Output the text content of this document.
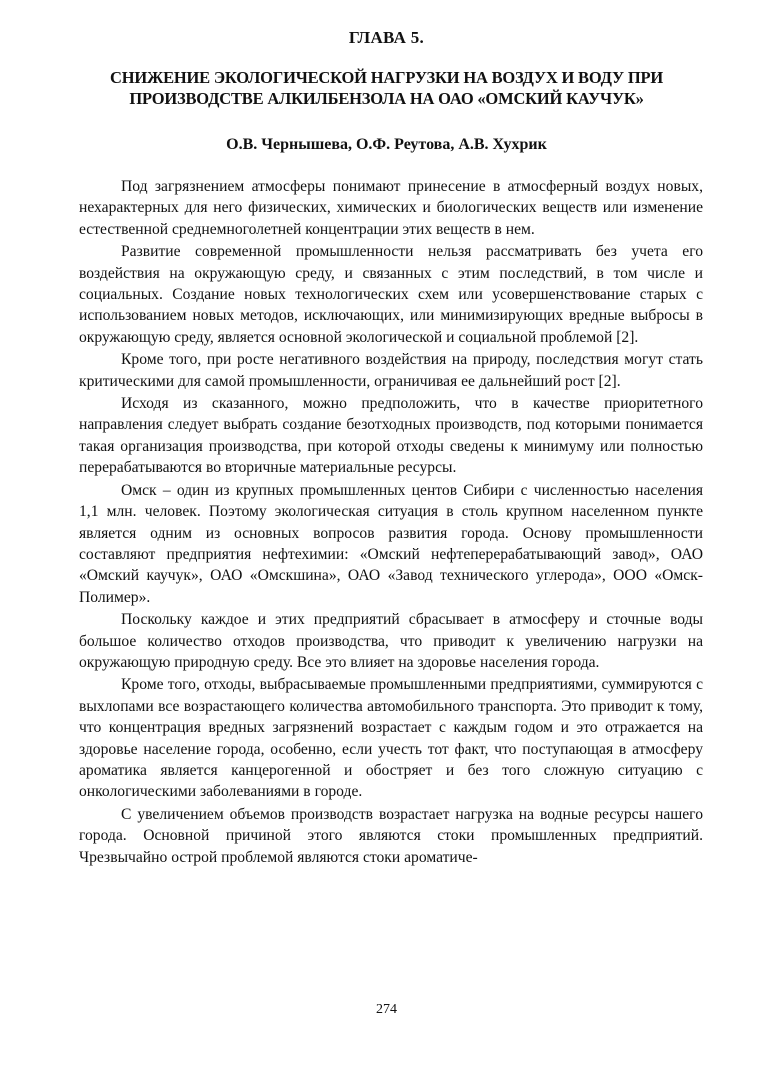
ГЛАВА 5.
СНИЖЕНИЕ ЭКОЛОГИЧЕСКОЙ НАГРУЗКИ НА ВОЗДУХ И ВОДУ ПРИ
ПРОИЗВОДСТВЕ АЛКИЛБЕНЗОЛА НА ОАО «ОМСКИЙ КАУЧУК»
О.В. Чернышева, О.Ф. Реутова, А.В. Хухрик

Под загрязнением атмосферы понимают принесение в атмосферный воздух новых, нехарактерных для него физических, химических и биологических веществ или изменение естественной среднемноголетней концентрации этих веществ в нем.

Развитие современной промышленности нельзя рассматривать без учета его воздействия на окружающую среду, и связанных с этим последствий, в том числе и социальных. Создание новых технологических схем или усовершенствование старых с использованием новых методов, исключающих, или минимизирующих вредные выбросы в окружающую среду, является основной экологической и социальной проблемой [2].

Кроме того, при росте негативного воздействия на природу, последствия могут стать критическими для самой промышленности, ограничивая ее дальнейший рост [2].

Исходя из сказанного, можно предположить, что в качестве приоритетного направления следует выбрать создание безотходных производств, под которыми понимается такая организация производства, при которой отходы сведены к минимуму или полностью перерабатываются во вторичные материальные ресурсы.

Омск – один из крупных промышленных центов Сибири с численностью населения 1,1 млн. человек. Поэтому экологическая ситуация в столь крупном населенном пункте является одним из основных вопросов развития города. Основу промышленности составляют предприятия нефтехимии: «Омский нефтеперерабатывающий завод», ОАО «Омский каучук», ОАО «Омскшина», ОАО «Завод технического углерода», ООО «Омск-Полимер».

Поскольку каждое и этих предприятий сбрасывает в атмосферу и сточные воды большое количество отходов производства, что приводит к увеличению нагрузки на окружающую природную среду. Все это влияет на здоровье населения города.

Кроме того, отходы, выбрасываемые промышленными предприятиями, суммируются с выхлопами все возрастающего количества автомобильного транспорта. Это приводит к тому, что концентрация вредных загрязнений возрастает с каждым годом и это отражается на здоровье население города, особенно, если учесть тот факт, что поступающая в атмосферу ароматика является канцерогенной и обостряет и без того сложную ситуацию с онкологическими заболеваниями в городе.

С увеличением объемов производств возрастает нагрузка на водные ресурсы нашего города. Основной причиной этого являются стоки промышленных предприятий. Чрезвычайно острой проблемой являются стоки ароматиче-

274
